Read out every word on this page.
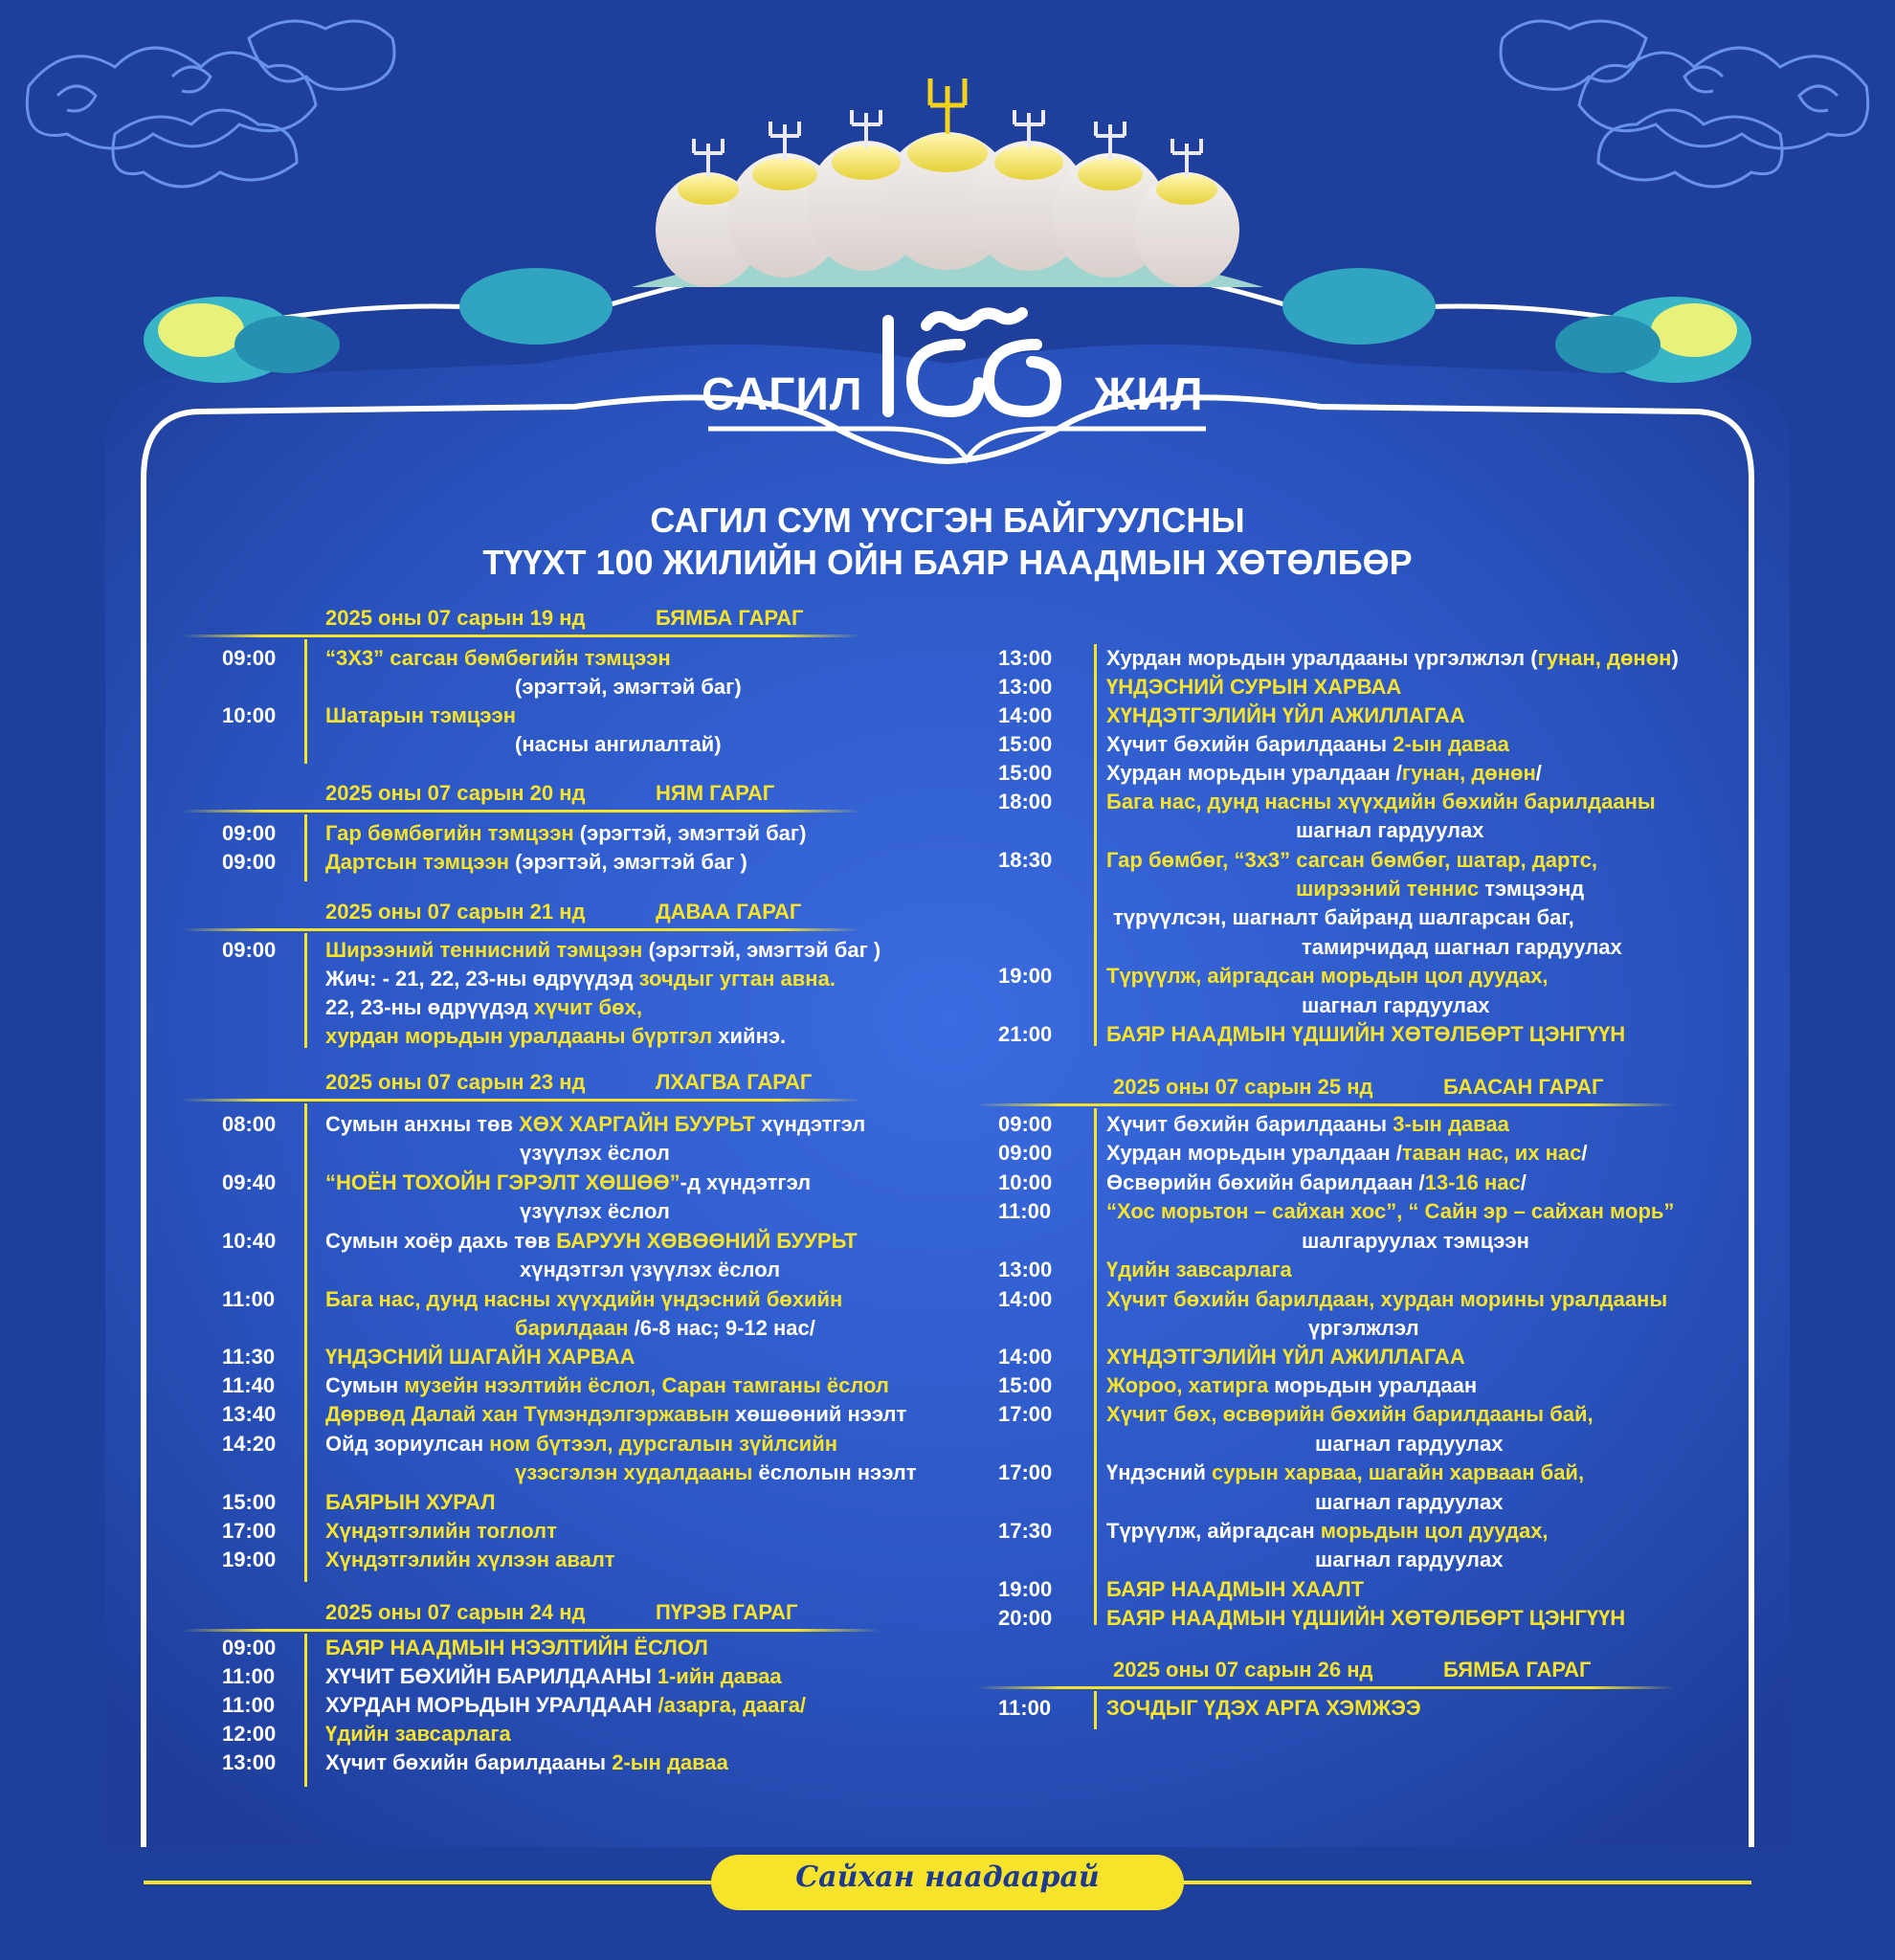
САГИЛ	ЖИЛ
САГИЛ СУМ ҮҮСГЭН БАЙГУУЛСНЫ
ТҮҮХТ 100 ЖИЛИЙН ОЙН БАЯР НААДМЫН ХӨТӨЛБӨР
2025 оны 07 сарын 19 нд	БЯМБА ГАРАГ
09:00 “3Х3” сагсан бөмбөгийн тэмцээн
(эрэгтэй, эмэгтэй баг)
10:00 Шатарын тэмцээн
(насны ангилалтай)
2025 оны 07 сарын 20 нд	НЯМ ГАРАГ
09:00 Гар бөмбөгийн тэмцээн (эрэгтэй, эмэгтэй баг)
09:00 Дартсын тэмцээн (эрэгтэй, эмэгтэй баг )
2025 оны 07 сарын 21 нд	ДАВАА ГАРАГ
09:00 Ширээний теннисний тэмцээн (эрэгтэй, эмэгтэй баг )
Жич: - 21, 22, 23-ны өдрүүдэд зочдыг угтан авна.
22, 23-ны өдрүүдэд хүчит бөх,
хурдан морьдын уралдааны бүртгэл хийнэ.
2025 оны 07 сарын 23 нд	ЛХАГВА ГАРАГ
08:00 Сумын анхны төв ХӨХ ХАРГАЙН БУУРЬТ хүндэтгэл
үзүүлэх ёслол
09:40 “НОЁН ТОХОЙН ГЭРЭЛТ ХӨШӨӨ”-д хүндэтгэл
үзүүлэх ёслол
10:40 Сумын хоёр дахь төв БАРУУН ХӨВӨӨНИЙ БУУРЬТ
хүндэтгэл үзүүлэх ёслол
11:00 Бага нас, дунд насны хүүхдийн үндэсний бөхийн
барилдаан /6-8 нас; 9-12 нас/
11:30 ҮНДЭСНИЙ ШАГАЙН ХАРВАА
11:40 Сумын музейн нээлтийн ёслол, Саран тамганы ёслол
13:40 Дөрвөд Далай хан Түмэндэлгэржавын хөшөөний нээлт
14:20 Ойд зориулсан ном бүтээл, дурсгалын зүйлсийн
үзэсгэлэн худалдааны ёслолын нээлт
15:00 БАЯРЫН ХУРАЛ
17:00 Хүндэтгэлийн тоглолт
19:00 Хүндэтгэлийн хүлээн авалт
2025 оны 07 сарын 24 нд	ПҮРЭВ ГАРАГ
09:00 БАЯР НААДМЫН НЭЭЛТИЙН ЁСЛОЛ
11:00 ХҮЧИТ БӨХИЙН БАРИЛДААНЫ 1-ийн даваа
11:00 ХУРДАН МОРЬДЫН УРАЛДААН /азарга, даага/
12:00 Үдийн завсарлага
13:00 Хүчит бөхийн барилдааны 2-ын даваа
13:00	Хурдан морьдын уралдааны үргэлжлэл (гунан, дөнөн)
13:00	ҮНДЭСНИЙ СУРЫН ХАРВАА
14:00	ХҮНДЭТГЭЛИЙН ҮЙЛ АЖИЛЛАГАА
15:00	Хүчит бөхийн барилдааны 2-ын даваа
15:00	Хурдан морьдын уралдаан /гунан, дөнөн/
18:00	Бага нас, дунд насны хүүхдийн бөхийн барилдааны
шагнал гардуулах
18:30	Гар бөмбөг, “3х3” сагсан бөмбөг, шатар, дартс,
ширээний теннис тэмцээнд
түрүүлсэн, шагналт байранд шалгарсан баг,
тамирчидад шагнал гардуулах
19:00	Түрүүлж, айргадсан морьдын цол дуудах,
шагнал гардуулах
21:00	БАЯР НААДМЫН ҮДШИЙН ХӨТӨЛБӨРТ ЦЭНГҮҮН
2025 оны 07 сарын 25 нд	БААСАН ГАРАГ
09:00	Хүчит бөхийн барилдааны 3-ын даваа
09:00	Хурдан морьдын уралдаан /таван нас, их нас/
10:00	Өсвөрийн бөхийн барилдаан /13-16 нас/
11:00	“Хос морьтон – сайхан хос”, “ Сайн эр – сайхан морь”
шалгаруулах тэмцээн
13:00	Үдийн завсарлага
14:00	Хүчит бөхийн барилдаан, хурдан морины уралдааны
үргэлжлэл
14:00	ХҮНДЭТГЭЛИЙН ҮЙЛ АЖИЛЛАГАА
15:00	Жороо, хатирга морьдын уралдаан
17:00	Хүчит бөх, өсвөрийн бөхийн барилдааны бай,
шагнал гардуулах
17:00	Үндэсний сурын харваа, шагайн харваан бай,
шагнал гардуулах
17:30	Түрүүлж, айргадсан морьдын цол дуудах,
шагнал гардуулах
19:00	БАЯР НААДМЫН ХААЛТ
20:00	БАЯР НААДМЫН ҮДШИЙН ХӨТӨЛБӨРТ ЦЭНГҮҮН
2025 оны 07 сарын 26 нд	БЯМБА ГАРАГ
11:00	ЗОЧДЫГ ҮДЭХ АРГА ХЭМЖЭЭ
Сайхан наадаарай
